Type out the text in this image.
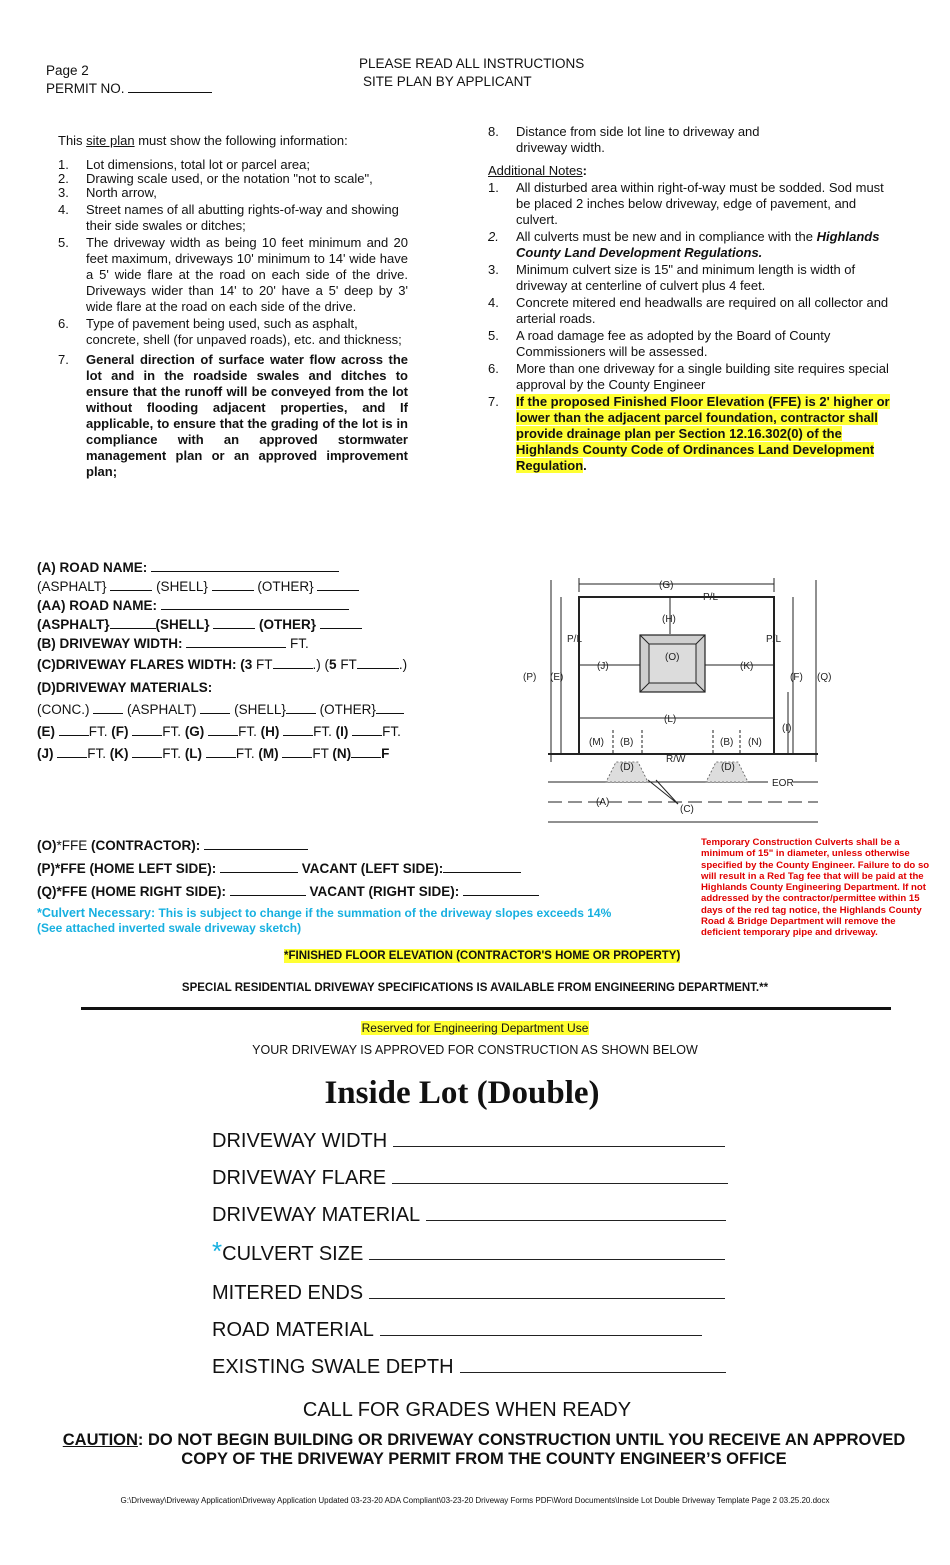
Page 2
PERMIT NO.
PLEASE READ ALL INSTRUCTIONS
SITE PLAN BY APPLICANT
This site plan must show the following information:
1. Lot dimensions, total lot or parcel area;
2. Drawing scale used, or the notation "not to scale",
3. North arrow,
4. Street names of all abutting rights-of-way and showing their side swales or ditches;
5. The driveway width as being 10 feet minimum and 20 feet maximum, driveways 10' minimum to 14' wide have a 5' wide flare at the road on each side of the drive. Driveways wider than 14' to 20' have a 5' deep by 3' wide flare at the road on each side of the drive.
6. Type of pavement being used, such as asphalt, concrete, shell (for unpaved roads), etc. and thickness;
7. General direction of surface water flow across the lot and in the roadside swales and ditches to ensure that the runoff will be conveyed from the lot without flooding adjacent properties, and If applicable, to ensure that the grading of the lot is in compliance with an approved stormwater management plan or an approved improvement plan;
8. Distance from side lot line to driveway and driveway width.
Additional Notes:
1. All disturbed area within right-of-way must be sodded. Sod must be placed 2 inches below driveway, edge of pavement, and culvert.
2. All culverts must be new and in compliance with the Highlands County Land Development Regulations.
3. Minimum culvert size is 15" and minimum length is width of driveway at centerline of culvert plus 4 feet.
4. Concrete mitered end headwalls are required on all collector and arterial roads.
5. A road damage fee as adopted by the Board of County Commissioners will be assessed.
6. More than one driveway for a single building site requires special approval by the County Engineer
7. If the proposed Finished Floor Elevation (FFE) is 2' higher or lower than the adjacent parcel foundation, contractor shall provide drainage plan per Section 12.16.302(0) of the Highlands County Code of Ordinances Land Development Regulation.
(A) ROAD NAME:
(ASPHALT}	(SHELL}	(OTHER}
(AA) ROAD NAME:
(ASPHALT}	(SHELL}	(OTHER}
(B) DRIVEWAY WIDTH:	FT.
(C)DRIVEWAY FLARES WIDTH: (3 FT	.) (5 FT	.)
(D)DRIVEWAY MATERIALS:
(CONC.)	(ASPHALT)	(SHELL}	(OTHER}
(E)	FT. (F)	FT. (G)	FT. (H)	FT. (I)	FT.
(J)	FT. (K)	FT. (L)	FT. (M)	FT (N) F
(G)
P/L
(H)
P/L	P/L
(O)
(J)	(K)
(P) (E)	(F) (Q)
(L)
(I)
(M) (B)	(B) (N)
R/W
(D)	(D)
EOR
(A)
(C)
(O)*FFE (CONTRACTOR):
(P)*FFE (HOME LEFT SIDE):	VACANT (LEFT SIDE):
(Q)*FFE (HOME RIGHT SIDE):	VACANT (RIGHT SIDE):
*Culvert Necessary: This is subject to change if the summation of the driveway slopes exceeds 14%
(See attached inverted swale driveway sketch)
*FINISHED FLOOR ELEVATION (CONTRACTOR'S HOME OR PROPERTY)
Temporary Construction Culverts shall be a minimum of 15" in diameter, unless otherwise specified by the County Engineer. Failure to do so will result in a Red Tag fee that will be paid at the Highlands County Engineering Department. If not addressed by the contractor/permittee within 15 days of the red tag notice, the Highlands County Road & Bridge Department will remove the deficient temporary pipe and driveway.
SPECIAL RESIDENTIAL DRIVEWAY SPECIFICATIONS IS AVAILABLE FROM ENGINEERING DEPARTMENT.**
Reserved for Engineering Department Use
YOUR DRIVEWAY IS APPROVED FOR CONSTRUCTION AS SHOWN BELOW
Inside Lot (Double)
DRIVEWAY WIDTH
DRIVEWAY FLARE
DRIVEWAY MATERIAL
*CULVERT SIZE
MITERED ENDS
ROAD MATERIAL
EXISTING SWALE DEPTH
CALL FOR GRADES WHEN READY
CAUTION: DO NOT BEGIN BUILDING OR DRIVEWAY CONSTRUCTION UNTIL YOU RECEIVE AN APPROVED
COPY OF THE DRIVEWAY PERMIT FROM THE COUNTY ENGINEER’S OFFICE
G:\Driveway\Driveway Application\Driveway Application Updated 03-23-20 ADA Compliant\03-23-20 Driveway Forms PDF\Word Documents\Inside Lot Double Driveway Template Page 2 03.25.20.docx
